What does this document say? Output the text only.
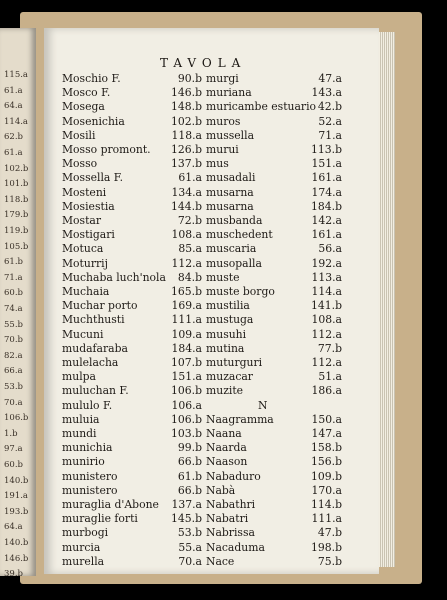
115.a
61.a
64.a
114.a
62.b
61.a
102.b
101.b
118.b
179.b
119.b
105.b
61.b
71.a
60.b
74.a
55.b
70.b
82.a
66.a
53.b
70.a
106.b
1.b
97.a
60.b
140.b
191.a
193.b
64.a
140.b
146.b
39.b
TAVOLA
Moschio F.	90.b murgi	47.a
Mosco F.	146.b muriana	143.a
Mosega	148.b muricambe estuario 42.b
Mosenichia	102.b muros	52.a
Mosili	118.a mussella	71.a
Mosso promont.	126.b murui	113.b
Mosso	137.b mus	151.a
Mossella F.	61.a musadali	161.a
Mosteni	134.a musarna	174.a
Mosiestia	144.b musarna	184.b
Mostar	72.b musbanda	142.a
Mostigari	108.a muschedent	161.a
Motuca	85.a muscaria	56.a
Moturrij	112.a musopalla	192.a
Muchaba luch'nola	84.b muste	113.a
Muchaia	165.b muste borgo	114.a
Muchar porto	169.a mustilia	141.b
Muchthusti	111.a mustuga	108.a
Mucuni	109.a musuhi	112.a
mudafaraba	184.a mutina	77.b
mulelacha	107.b muturguri	112.a
mulpa	151.a muzacar	51.a
muluchan F.	106.b muzite	186.a
mululo F.	106.a	N
muluia	106.b Naagramma	150.a
mundi	103.b Naana	147.a
munichia	99.b Naarda	158.b
munirio	66.b Naason	156.b
munistero	61.b Nabaduro	109.b
munistero	66.b Nabà	170.a
muraglia d'Abone	137.a Nabathri	114.b
muraglie forti	145.b Nabatri	111.a
murbogi	53.b Nabrissa	47.b
murcia	55.a Nacaduma	198.b
murella	70.a Nace	75.b
